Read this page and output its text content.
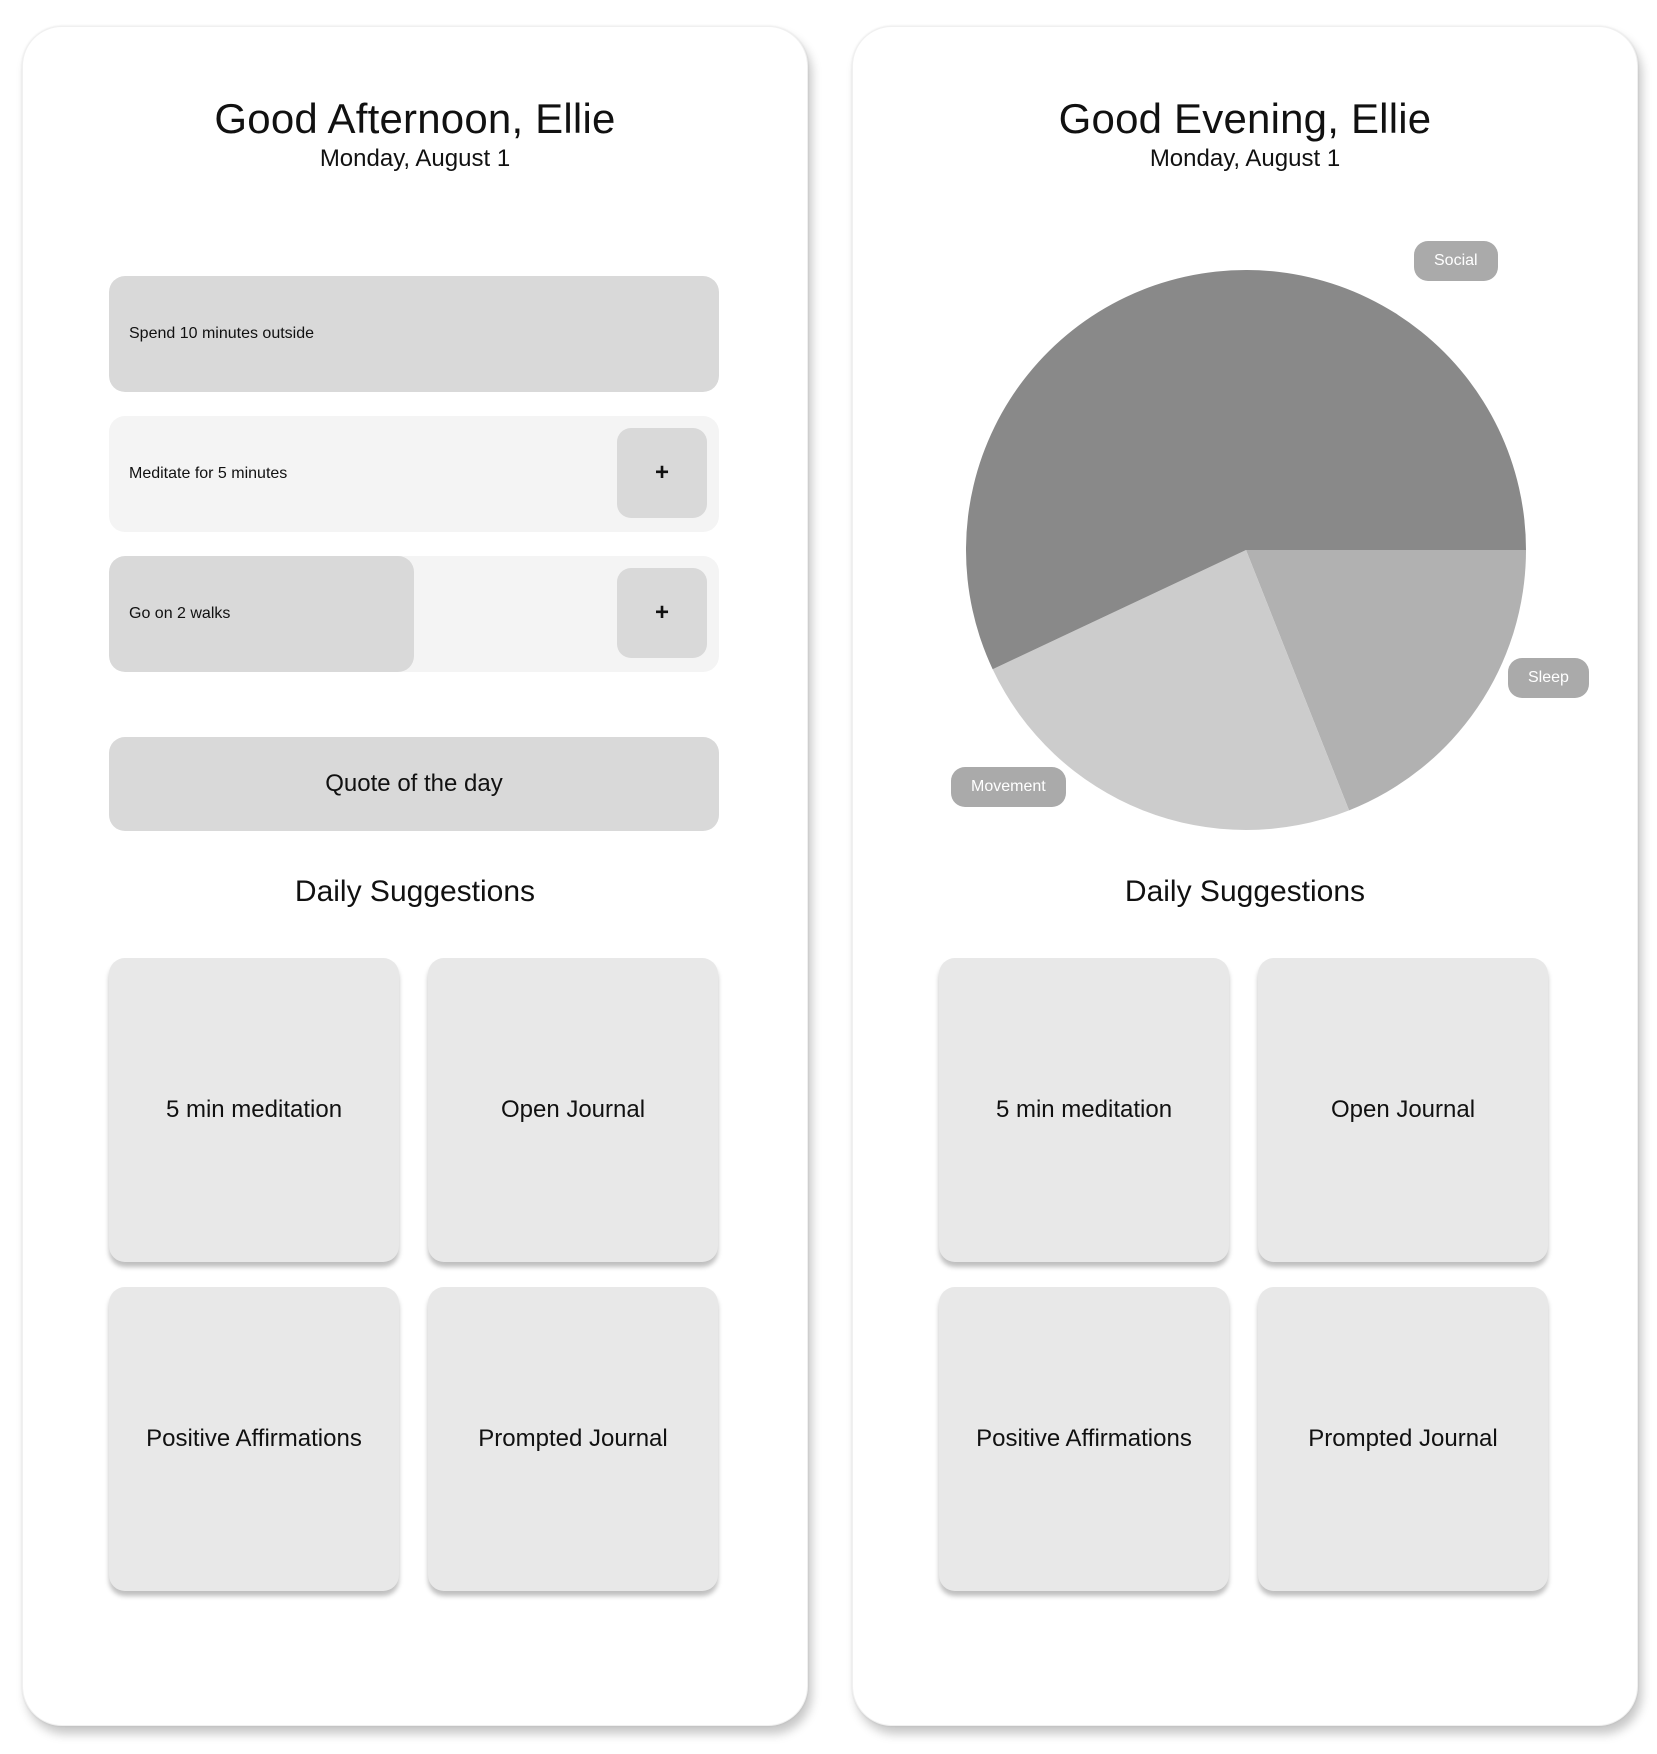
Good Afternoon, Ellie
Monday, August 1
Spend 10 minutes outside
Meditate for 5 minutes	+
Go on 2 walks	+
Quote of the day
Daily Suggestions
5 min meditation	Open Journal
Positive Affirmations	Prompted Journal
Good Evening, Ellie
Monday, August 1
Social
Sleep
Movement
Daily Suggestions
5 min meditation	Open Journal
Positive Affirmations	Prompted Journal
